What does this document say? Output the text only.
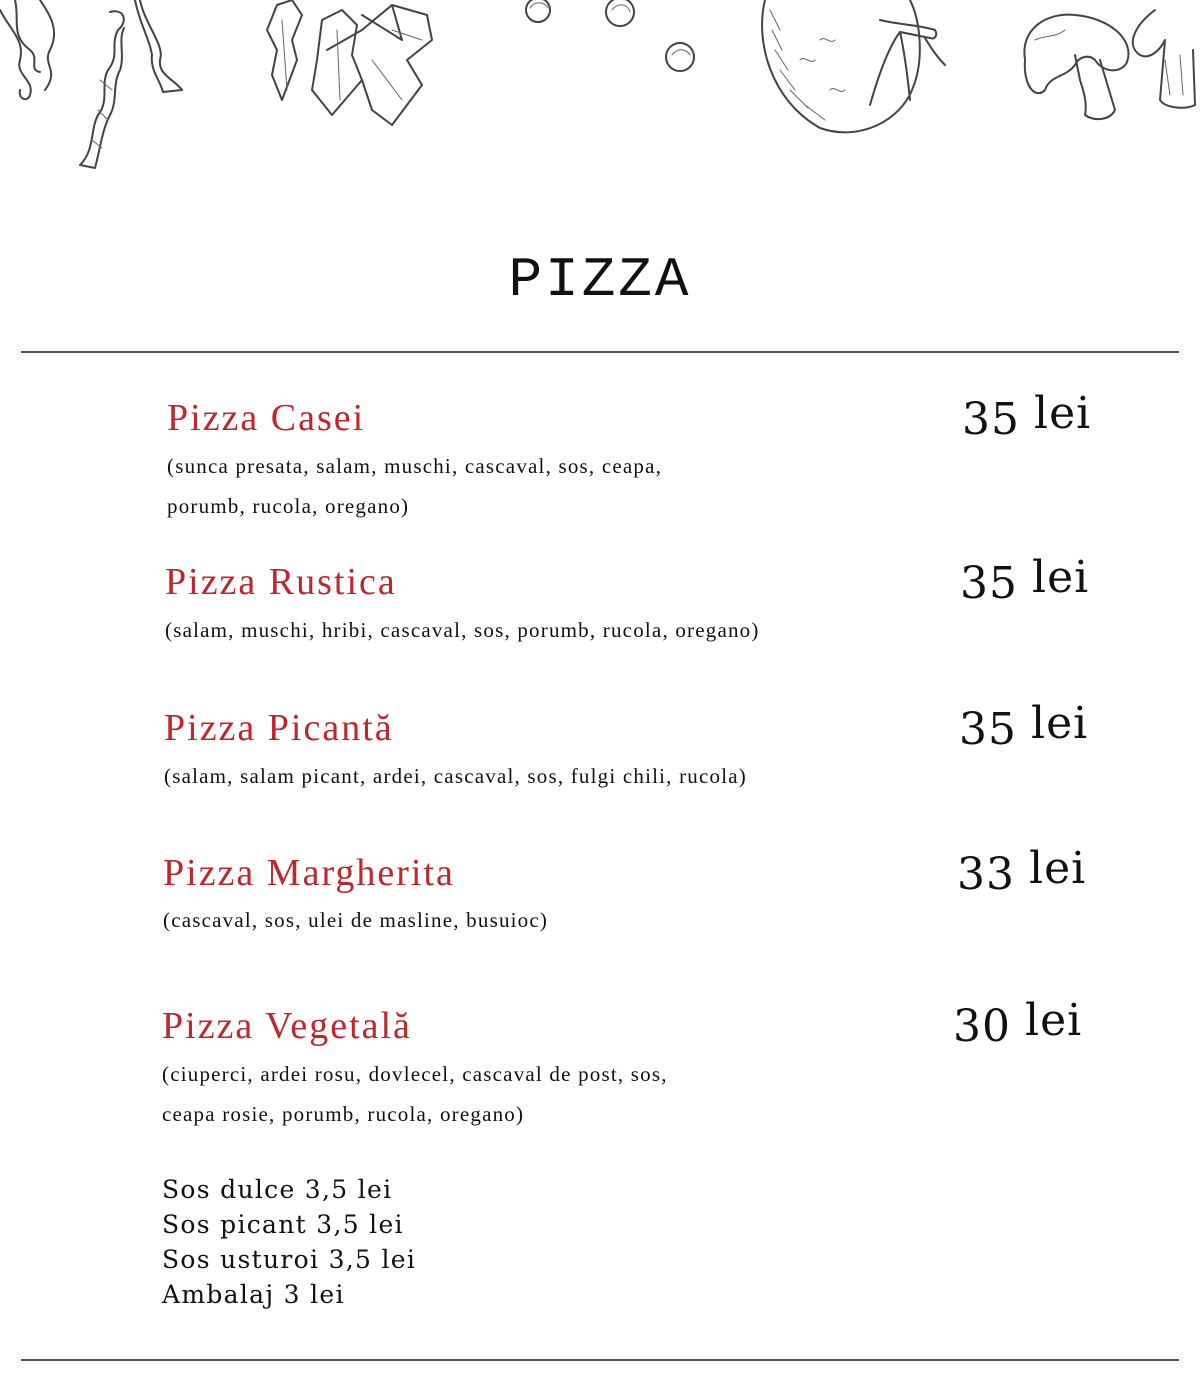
PIZZA
Pizza Casei
(sunca presata, salam, muschi, cascaval, sos, ceapa,
porumb, rucola, oregano)
35 lei
Pizza Rustica
(salam, muschi, hribi, cascaval, sos, porumb, rucola, oregano)
35 lei
Pizza Picantă
(salam, salam picant, ardei, cascaval, sos, fulgi chili, rucola)
35 lei
Pizza Margherita
(cascaval, sos, ulei de masline, busuioc)
33 lei
Pizza Vegetală
(ciuperci, ardei rosu, dovlecel, cascaval de post, sos,
ceapa rosie, porumb, rucola, oregano)
30 lei
Sos dulce 3,5 lei
Sos picant 3,5 lei
Sos usturoi 3,5 lei
Ambalaj 3 lei
